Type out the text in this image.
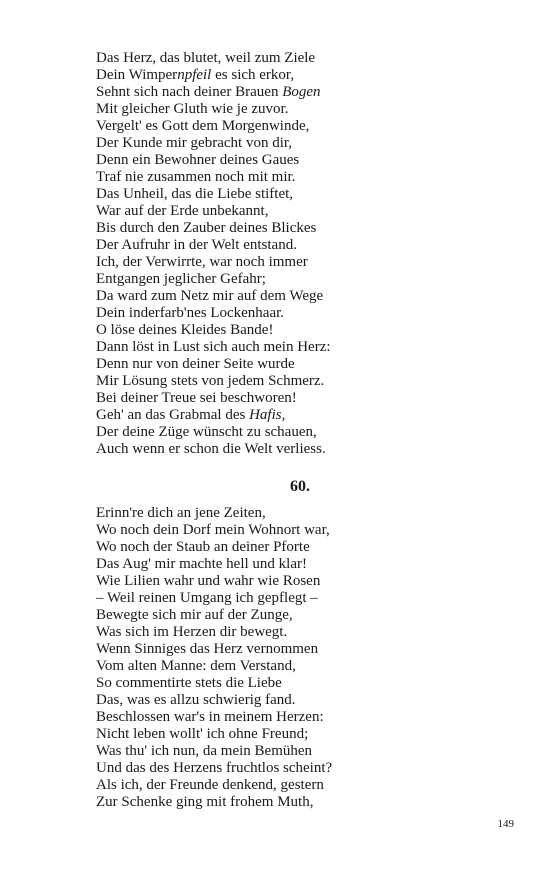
Das Herz, das blutet, weil zum Ziele
Dein Wimpernpfeil es sich erkor,
Sehnt sich nach deiner Brauen Bogen
Mit gleicher Gluth wie je zuvor.
Vergelt' es Gott dem Morgenwinde,
Der Kunde mir gebracht von dir,
Denn ein Bewohner deines Gaues
Traf nie zusammen noch mit mir.
Das Unheil, das die Liebe stiftet,
War auf der Erde unbekannt,
Bis durch den Zauber deines Blickes
Der Aufruhr in der Welt entstand.
Ich, der Verwirrte, war noch immer
Entgangen jeglicher Gefahr;
Da ward zum Netz mir auf dem Wege
Dein inderfarb'nes Lockenhaar.
O löse deines Kleides Bande!
Dann löst in Lust sich auch mein Herz:
Denn nur von deiner Seite wurde
Mir Lösung stets von jedem Schmerz.
Bei deiner Treue sei beschworen!
Geh' an das Grabmal des Hafis,
Der deine Züge wünscht zu schauen,
Auch wenn er schon die Welt verliess.
60.
Erinn're dich an jene Zeiten,
Wo noch dein Dorf mein Wohnort war,
Wo noch der Staub an deiner Pforte
Das Aug' mir machte hell und klar!
Wie Lilien wahr und wahr wie Rosen
– Weil reinen Umgang ich gepflegt –
Bewegte sich mir auf der Zunge,
Was sich im Herzen dir bewegt.
Wenn Sinniges das Herz vernommen
Vom alten Manne: dem Verstand,
So commentirte stets die Liebe
Das, was es allzu schwierig fand.
Beschlossen war's in meinem Herzen:
Nicht leben wollt' ich ohne Freund;
Was thu' ich nun, da mein Bemühen
Und das des Herzens fruchtlos scheint?
Als ich, der Freunde denkend, gestern
Zur Schenke ging mit frohem Muth,
149
